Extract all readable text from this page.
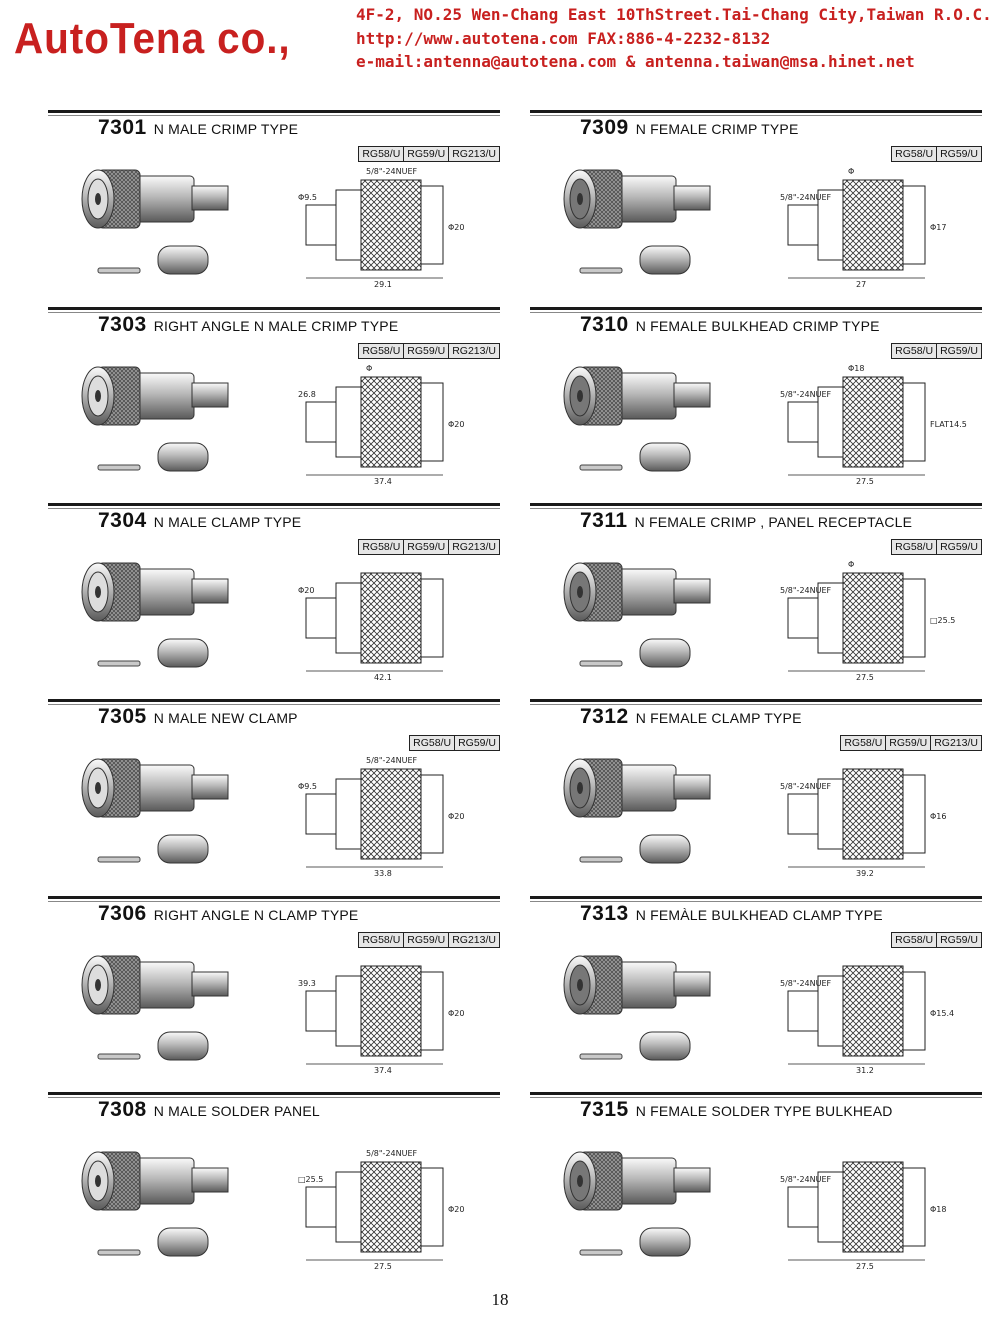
AutoTena co.,	4F-2, NO.25 Wen-Chang East 10ThStreet.Tai-Chang City,Taiwan R.O.C.
http://www.autotena.com FAX:886-4-2232-8132
e-mail:antenna@autotena.com & antenna.taiwan@msa.hinet.net
7301 N MALE CRIMP TYPE
RG58/U RG59/U RG213/U
29.1
Φ9.5
Φ20
5/8"-24NUEF
7309 N FEMALE CRIMP TYPE
RG58/U RG59/U
27
5/8"-24NUEF
Φ17
Φ
7303 RIGHT ANGLE N MALE CRIMP TYPE
RG58/U RG59/U RG213/U
37.4
26.8
Φ20
Φ
7310 N FEMALE BULKHEAD CRIMP TYPE
RG58/U RG59/U
27.5
5/8"-24NUEF
FLAT14.5
Φ18
7304 N MALE CLAMP TYPE
RG58/U RG59/U RG213/U
42.1
Φ20
7311 N FEMALE CRIMP , PANEL RECEPTACLE
RG58/U RG59/U
27.5
5/8"-24NUEF
□25.5
Φ
7305 N MALE NEW CLAMP
RG58/U RG59/U
33.8
Φ9.5
Φ20
5/8"-24NUEF
7312 N FEMALE CLAMP TYPE
RG58/U RG59/U RG213/U
39.2
5/8"-24NUEF
Φ16
7306 RIGHT ANGLE N CLAMP TYPE
RG58/U RG59/U RG213/U
37.4
39.3
Φ20
7313 N FEMÀLE BULKHEAD CLAMP TYPE
RG58/U RG59/U
31.2
5/8"-24NUEF
Φ15.4
7308 N MALE SOLDER PANEL
27.5
□25.5
Φ20
5/8"-24NUEF
7315 N FEMALE SOLDER TYPE BULKHEAD
27.5
5/8"-24NUEF
Φ18
18
